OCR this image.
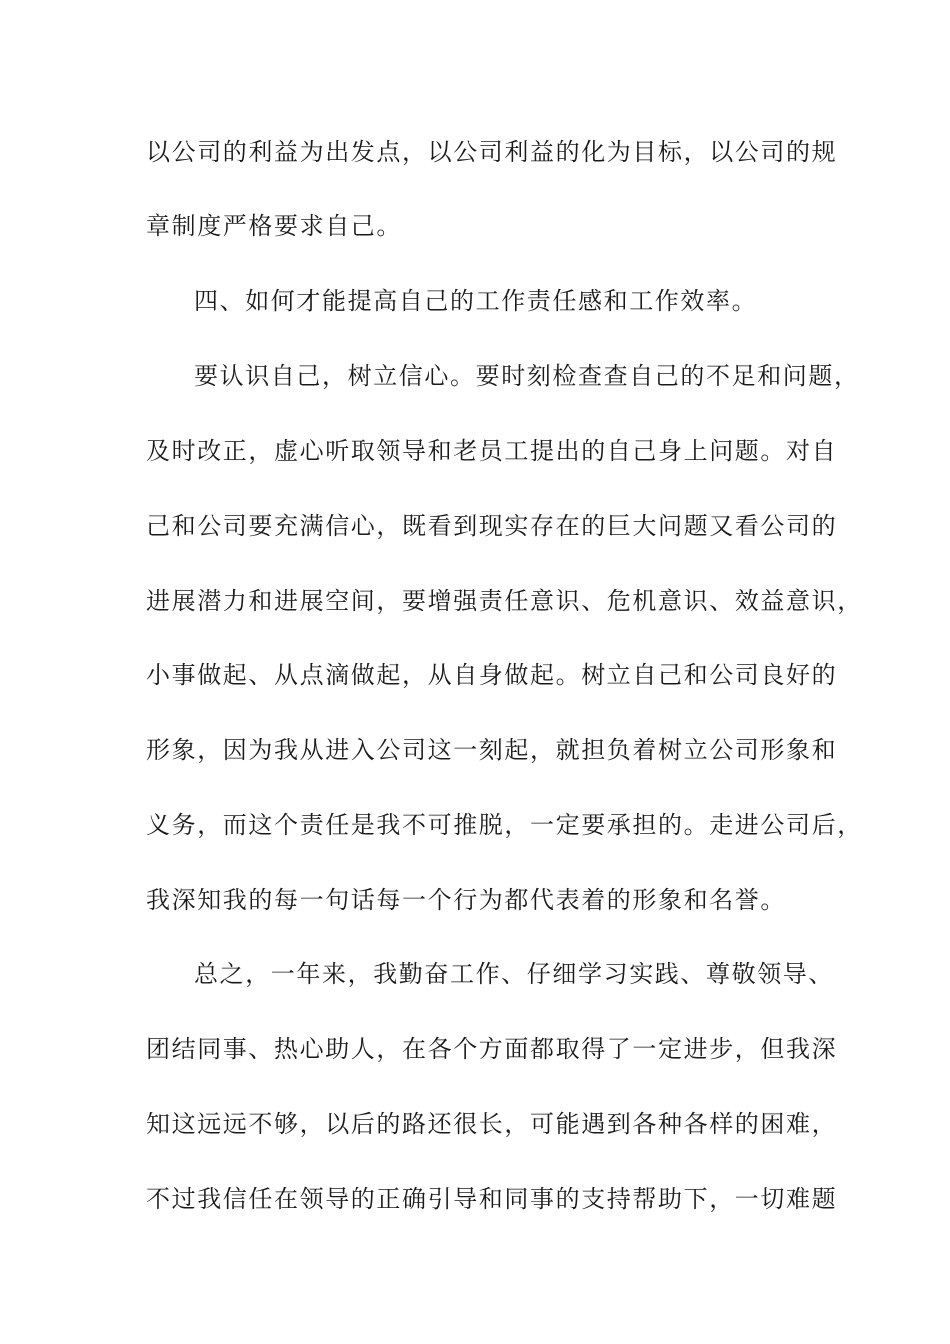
以公司的利益为出发点，以公司利益的化为目标，以公司的规
章制度严格要求自己。
四、如何才能提高自己的工作责任感和工作效率。
要认识自己，树立信心。要时刻检查查自己的不足和问题，
及时改正，虚心听取领导和老员工提出的自己身上问题。对自
己和公司要充满信心，既看到现实存在的巨大问题又看公司的
进展潜力和进展空间，要增强责任意识、危机意识、效益意识，
小事做起、从点滴做起，从自身做起。树立自己和公司良好的
形象，因为我从进入公司这一刻起，就担负着树立公司形象和
义务，而这个责任是我不可推脱，一定要承担的。走进公司后，
我深知我的每一句话每一个行为都代表着的形象和名誉。
总之，一年来，我勤奋工作、仔细学习实践、尊敬领导、
团结同事、热心助人，在各个方面都取得了一定进步，但我深
知这远远不够，以后的路还很长，可能遇到各种各样的困难，
不过我信任在领导的正确引导和同事的支持帮助下，一切难题
